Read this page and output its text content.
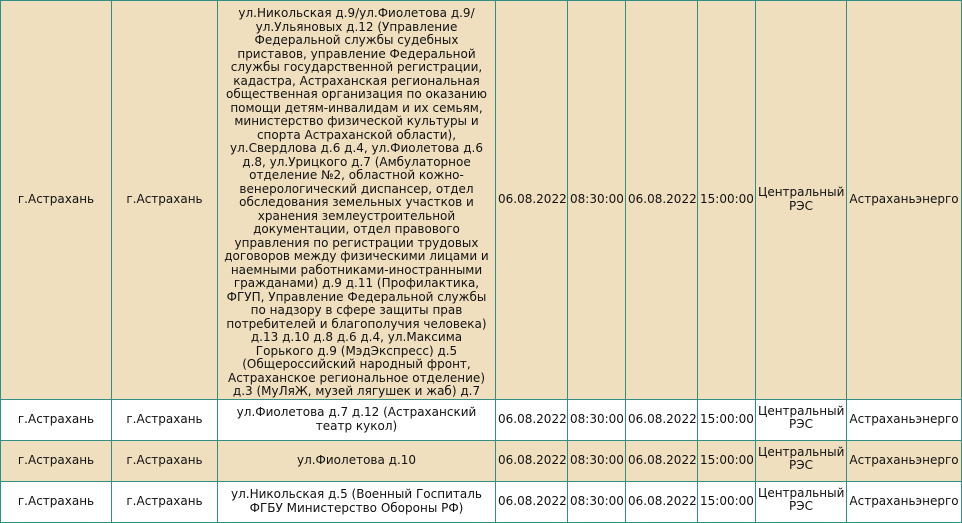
г.Астрахань	г.Астрахань	ул.Никольская д.9/ул.Фиолетова д.9/ ул.Ульяновых д.12 (Управление Федеральной службы судебных приставов, управление Федеральной службы государственной регистрации, кадастра, Астраханская региональная общественная организация по оказанию помощи детям-инвалидам и их семьям, министерство физической культуры и спорта Астраханской области), ул.Свердлова д.6 д.4, ул.Фиолетова д.6 д.8, ул.Урицкого д.7 (Амбулаторное отделение №2, областной кожно-венерологический диспансер, отдел обследования земельных участков и хранения землеустроительной документации, отдел правового управления по регистрации трудовых договоров между физическими лицами и наемными работниками-иностранными гражданами) д.9 д.11 (Профилактика, ФГУП, Управление Федеральной службы по надзору в сфере защиты прав потребителей и благополучия человека) д.13 д.10 д.8 д.6 д.4, ул.Максима Горького д.9 (МэдЭкспресс) д.5 (Общероссийский народный фронт, Астраханское региональное отделение) д.3 (МуЛяЖ, музей лягушек и жаб) д.7	06.08.2022	08:30:00	06.08.2022	15:00:00	Центральный РЭС	Астраханьэнерго
г.Астрахань	г.Астрахань	ул.Фиолетова д.7 д.12 (Астраханский театр кукол)	06.08.2022	08:30:00	06.08.2022	15:00:00	Центральный РЭС	Астраханьэнерго
г.Астрахань	г.Астрахань	ул.Фиолетова д.10	06.08.2022	08:30:00	06.08.2022	15:00:00	Центральный РЭС	Астраханьэнерго
г.Астрахань	г.Астрахань	ул.Никольская д.5 (Военный Госпиталь ФГБУ Министерство Обороны РФ)	06.08.2022	08:30:00	06.08.2022	15:00:00	Центральный РЭС	Астраханьэнерго
